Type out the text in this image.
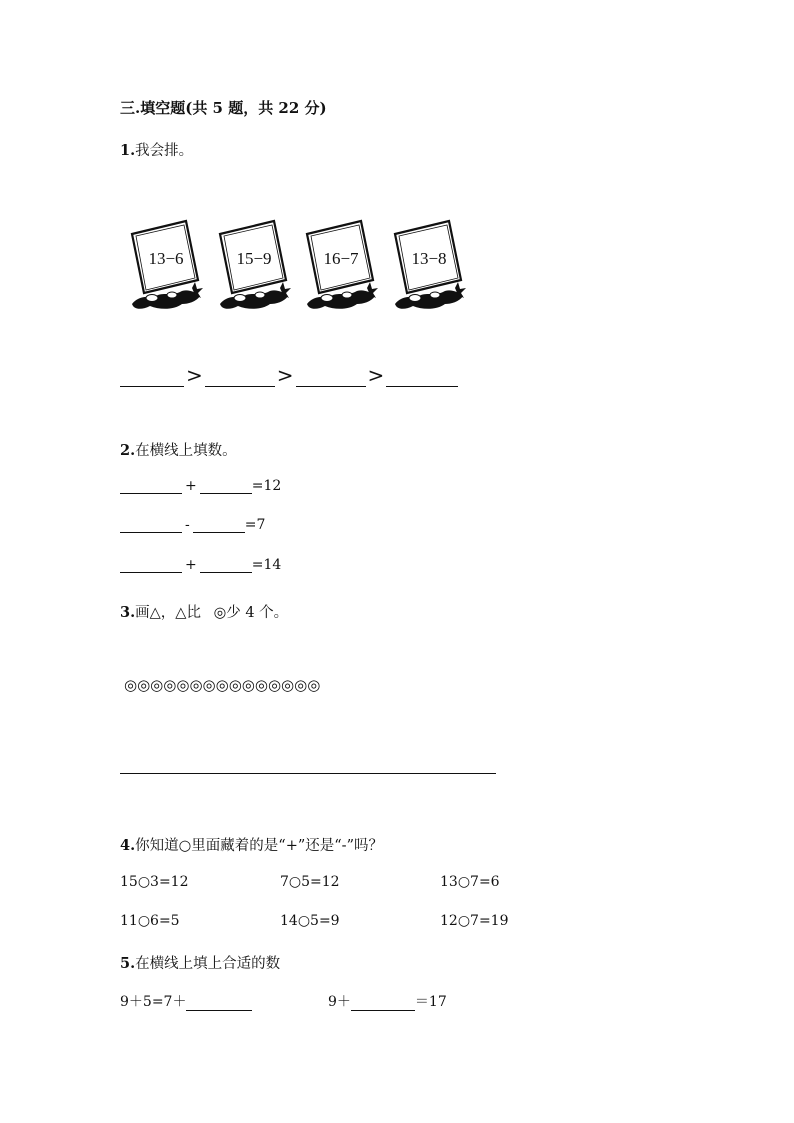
三.填空题(共 5 题，共 22 分)
1.我会排。
13−6	15−9	16−7	13−8
>	>	>
2.在横线上填数。
+	=12
-	=7
+	=14
3.画△，△比 ◎少 4 个。
◎◎◎◎◎◎◎◎◎◎◎◎◎◎◎
4.你知道○里面藏着的是“+”还是“-”吗？
15○3=12	7○5=12	13○7=6
11○6=5	14○5=9	12○7=19
5.在横线上填上合适的数
9＋5=7＋	9＋	＝17
